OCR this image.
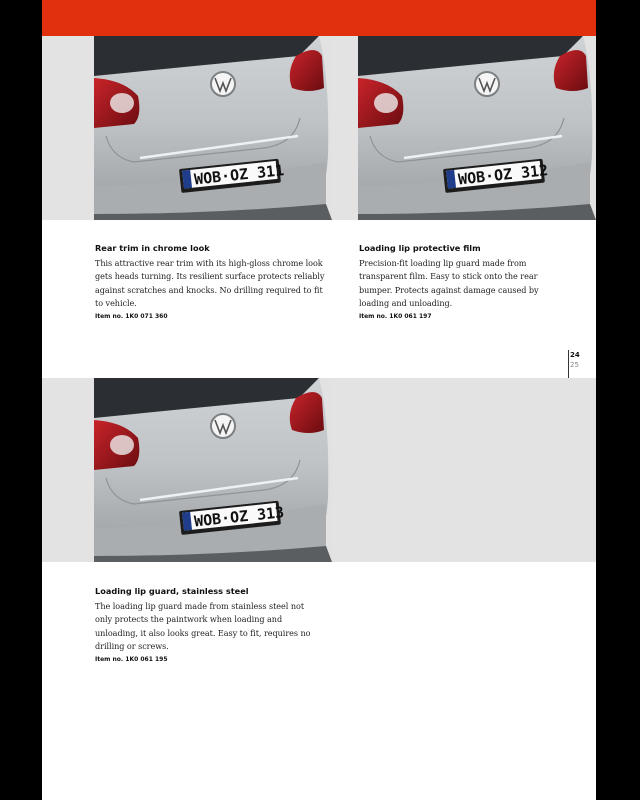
WOB·OZ 311	WOB·OZ 312
WOB·OZ 313
Rear trim in chrome look
This attractive rear trim with its high-gloss chrome look gets heads turning. Its resilient surface protects reliably against scratches and knocks. No drilling required to fit to vehicle.
Item no. 1K0 071 360
Loading lip protective film
Precision-fit loading lip guard made from transparent film. Easy to stick onto the rear bumper. Protects against damage caused by loading and unloading.
Item no. 1K0 061 197
Loading lip guard, stainless steel
The loading lip guard made from stainless steel not only protects the paintwork when loading and unloading, it also looks great. Easy to fit, requires no drilling or screws.
Item no. 1K0 061 195
24
25
